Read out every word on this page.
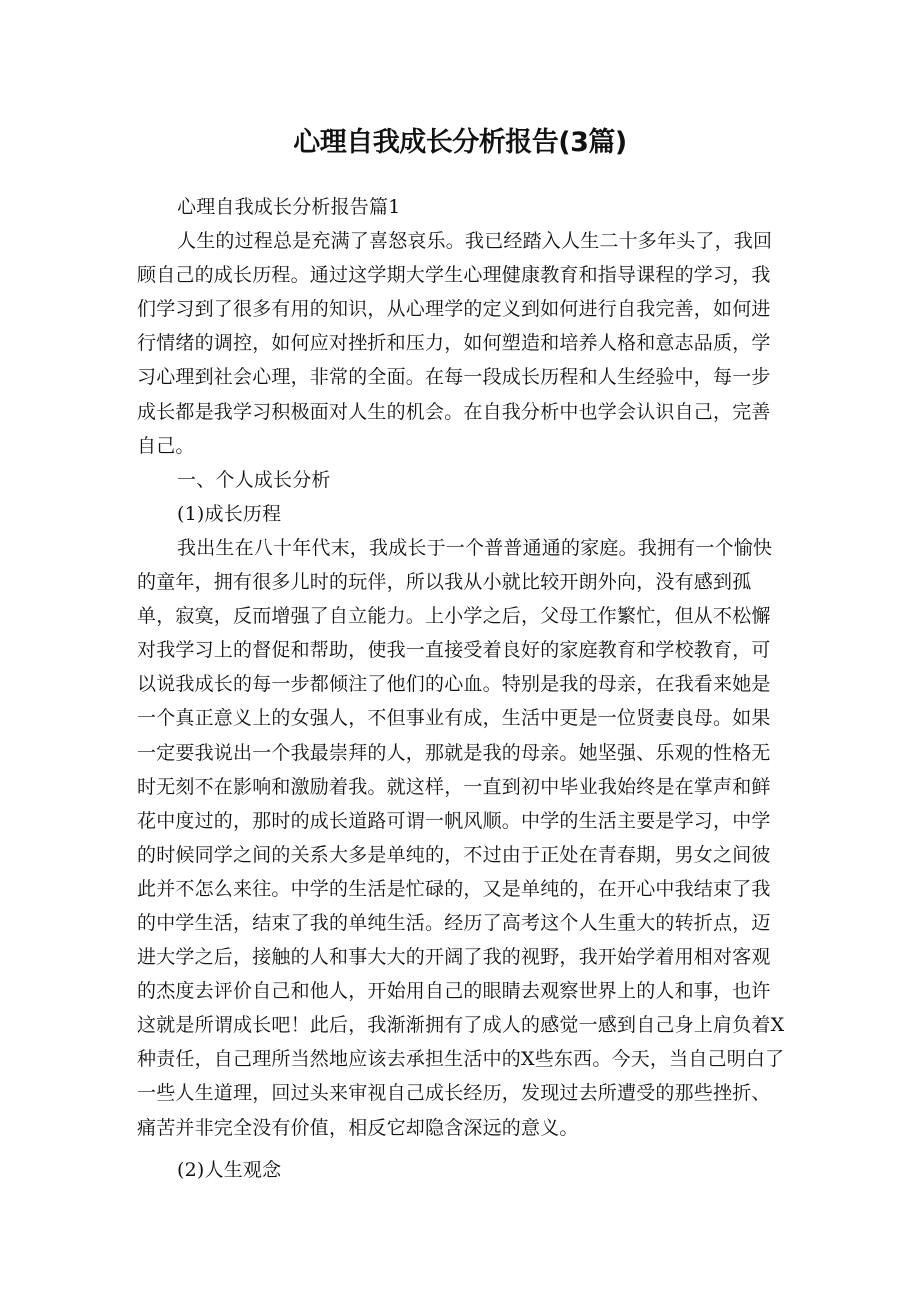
心理自我成长分析报告(3篇)

心理自我成长分析报告篇1

人生的过程总是充满了喜怒哀乐。我已经踏入人生二十多年头了，我回顾自己的成长历程。通过这学期大学生心理健康教育和指导课程的学习，我们学习到了很多有用的知识，从心理学的定义到如何进行自我完善，如何进行情绪的调控，如何应对挫折和压力，如何塑造和培养人格和意志品质，学习心理到社会心理，非常的全面。在每一段成长历程和人生经验中，每一步成长都是我学习积极面对人生的机会。在自我分析中也学会认识自己，完善自己。

一、个人成长分析

(1)成长历程

我出生在八十年代末，我成长于一个普普通通的家庭。我拥有一个愉快的童年，拥有很多儿时的玩伴，所以我从小就比较开朗外向，没有感到孤单，寂寞，反而增强了自立能力。上小学之后，父母工作繁忙，但从不松懈对我学习上的督促和帮助，使我一直接受着良好的家庭教育和学校教育，可以说我成长的每一步都倾注了他们的心血。特别是我的母亲，在我看来她是一个真正意义上的女强人，不但事业有成，生活中更是一位贤妻良母。如果一定要我说出一个我最崇拜的人，那就是我的母亲。她坚强、乐观的性格无时无刻不在影响和激励着我。就这样，一直到初中毕业我始终是在掌声和鲜花中度过的，那时的成长道路可谓一帆风顺。中学的生活主要是学习，中学的时候同学之间的关系大多是单纯的，不过由于正处在青春期，男女之间彼此并不怎么来往。中学的生活是忙碌的，又是单纯的，在开心中我结束了我的中学生活，结束了我的单纯生活。经历了高考这个人生重大的转折点，迈进大学之后，接触的人和事大大的开阔了我的视野，我开始学着用相对客观的杰度去评价自己和他人，开始用自己的眼睛去观察世界上的人和事，也许这就是所谓成长吧！此后，我渐渐拥有了成人的感觉一感到自己身上肩负着X种责任，自己理所当然地应该去承担生活中的X些东西。今天，当自己明白了一些人生道理，回过头来审视自己成长经历，发现过去所遭受的那些挫折、痛苦并非完全没有价值，相反它却隐含深远的意义。

(2)人生观念
